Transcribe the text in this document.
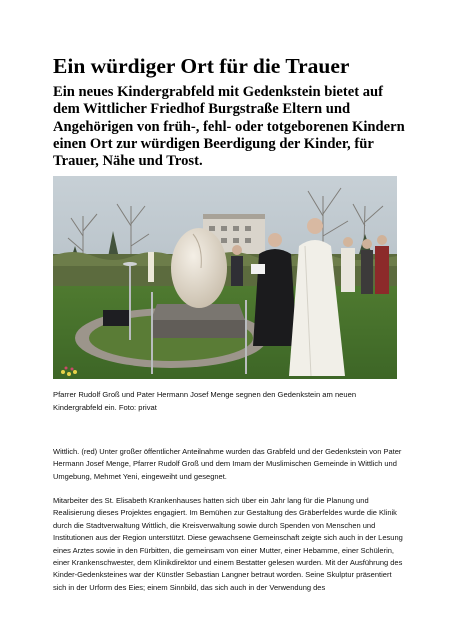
Ein würdiger Ort für die Trauer

Ein neues Kindergrabfeld mit Gedenkstein bietet auf dem Wittlicher Friedhof Burgstraße Eltern und Angehörigen von früh-, fehl- oder totgeborenen Kindern einen Ort zur würdigen Beerdigung der Kinder, für Trauer, Nähe und Trost.

Pfarrer Rudolf Groß und Pater Hermann Josef Menge segnen den Gedenkstein am neuen Kindergrabfeld ein. Foto: privat

Wittlich. (red) Unter großer öffentlicher Anteilnahme wurden das Grabfeld und der Gedenkstein von Pater Hermann Josef Menge, Pfarrer Rudolf Groß und dem Imam der Muslimischen Gemeinde in Wittlich und Umgebung, Mehmet Yeni, eingeweiht und gesegnet.

Mitarbeiter des St. Elisabeth Krankenhauses hatten sich über ein Jahr lang für die Planung und Realisierung dieses Projektes engagiert. Im Bemühen zur Gestaltung des Gräberfeldes wurde die Klinik durch die Stadtverwaltung Wittlich, die Kreisverwaltung sowie durch Spenden von Menschen und Institutionen aus der Region unterstützt. Diese gewachsene Gemeinschaft zeigte sich auch in der Lesung eines Arztes sowie in den Fürbitten, die gemeinsam von einer Mutter, einer Hebamme, einer Schülerin, einer Krankenschwester, dem Klinikdirektor und einem Bestatter gelesen wurden. Mit der Ausführung des Kinder-Gedenksteines war der Künstler Sebastian Langner betraut worden. Seine Skulptur präsentiert sich in der Urform des Eies; einem Sinnbild, das sich auch in der Verwendung des
